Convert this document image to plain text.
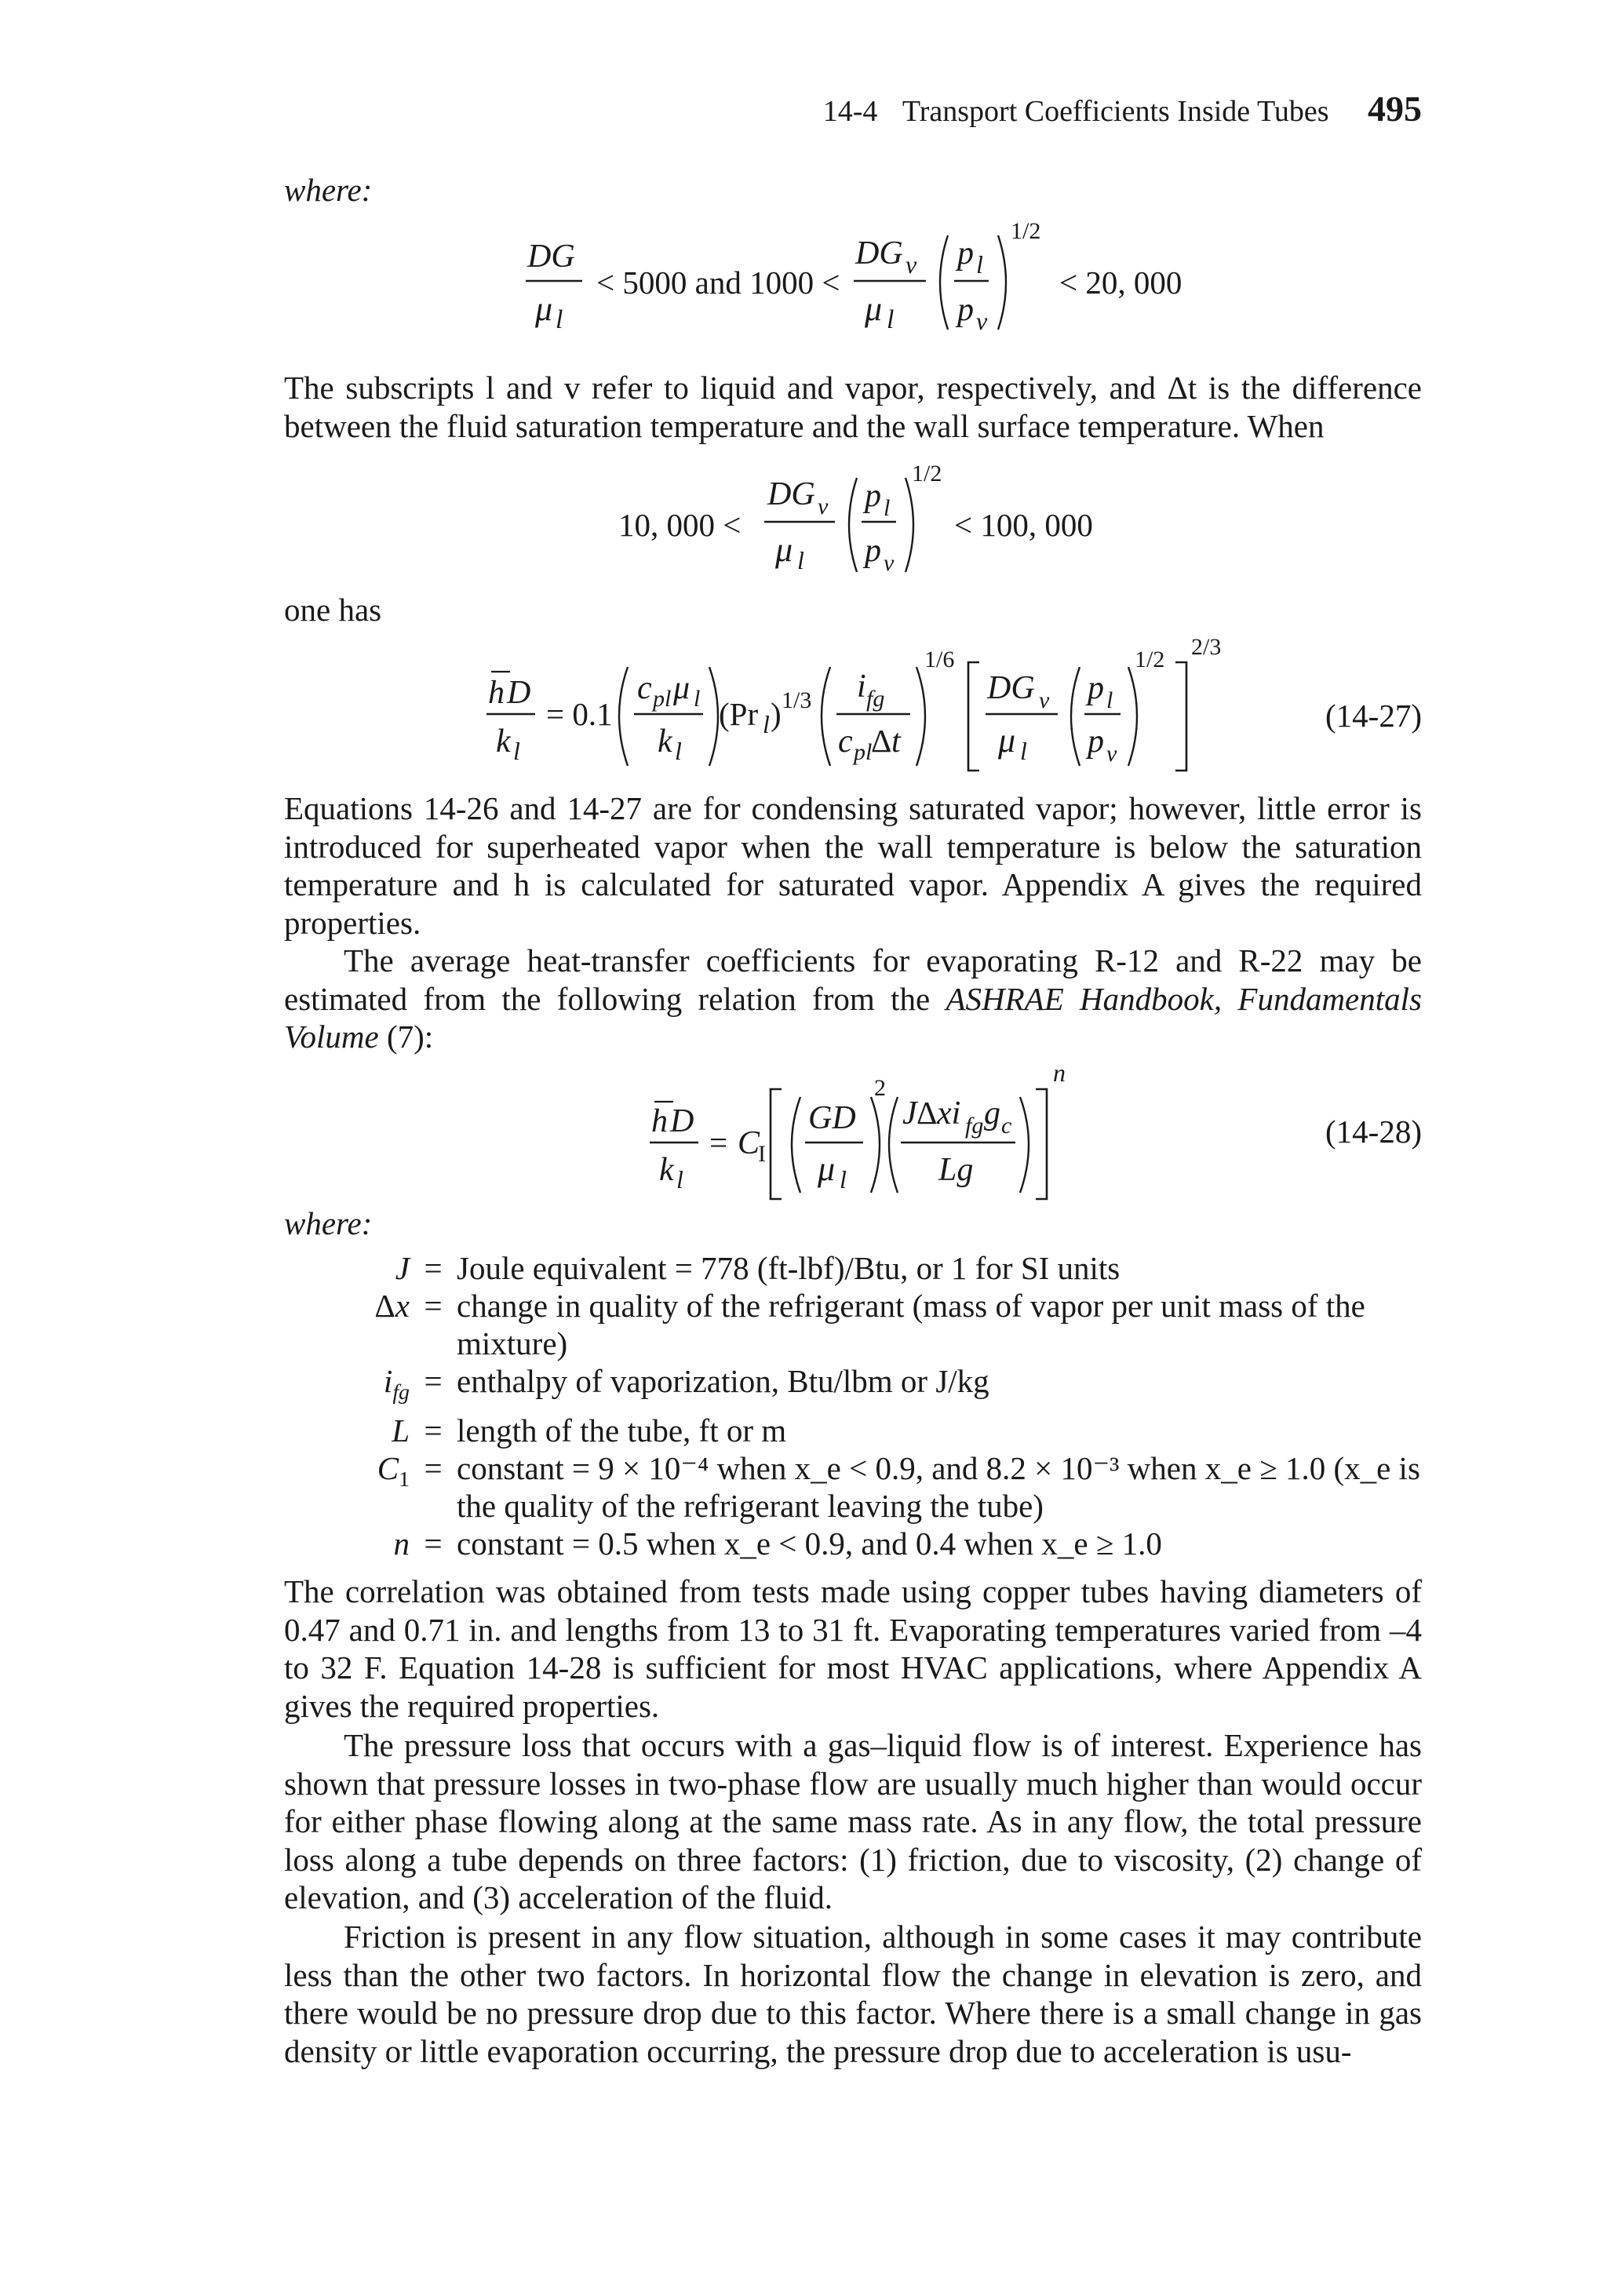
14-4 Transport Coefficients Inside Tubes 495
where:
DG
μ l
< 5000 and 1000 <
DG v
μ l
p l
p v
1/2
< 20, 000
The subscripts l and v refer to liquid and vapor, respectively, and Δt is the difference between the fluid saturation temperature and the wall surface temperature. When
10, 000 <
DG v
μ l
p l
p v
1/2
< 100, 000
one has
h D
k l
= 0.1
c pl μ l
k l
(Pr l ) 1/3 i fg
c pl
Δ t
1/6
DG v
μ l
p l
p v
1/2 2/3
(14-27)
Equations 14-26 and 14-27 are for condensing saturated vapor; however, little error is introduced for superheated vapor when the wall temperature is below the saturation temperature and h is calculated for saturated vapor. Appendix A gives the required properties.
The average heat-transfer coefficients for evaporating R-12 and R-22 may be estimated from the following relation from the ASHRAE Handbook, Fundamentals Volume (7):
h D
k l
= C
I
GD
μ l
2
J Δ xi fg g c
Lg
n
(14-28)
where:
J = Joule equivalent = 778 (ft-lbf)/Btu, or 1 for SI units
Δx = change in quality of the refrigerant (mass of vapor per unit mass of the mixture)
$i_{fg}$ = enthalpy of vaporization, Btu/lbm or J/kg
L = length of the tube, ft or m
$C_1$ = constant = 9 × 10⁻⁴ when x_e < 0.9, and 8.2 × 10⁻³ when x_e ≥ 1.0 (x_e is the quality of the refrigerant leaving the tube)
n = constant = 0.5 when x_e < 0.9, and 0.4 when x_e ≥ 1.0
The correlation was obtained from tests made using copper tubes having diameters of 0.47 and 0.71 in. and lengths from 13 to 31 ft. Evaporating temperatures varied from –4 to 32 F. Equation 14-28 is sufficient for most HVAC applications, where Appendix A gives the required properties.
The pressure loss that occurs with a gas–liquid flow is of interest. Experience has shown that pressure losses in two-phase flow are usually much higher than would occur for either phase flowing along at the same mass rate. As in any flow, the total pressure loss along a tube depends on three factors: (1) friction, due to viscosity, (2) change of elevation, and (3) acceleration of the fluid.
Friction is present in any flow situation, although in some cases it may contribute less than the other two factors. In horizontal flow the change in elevation is zero, and there would be no pressure drop due to this factor. Where there is a small change in gas density or little evaporation occurring, the pressure drop due to acceleration is usu-
